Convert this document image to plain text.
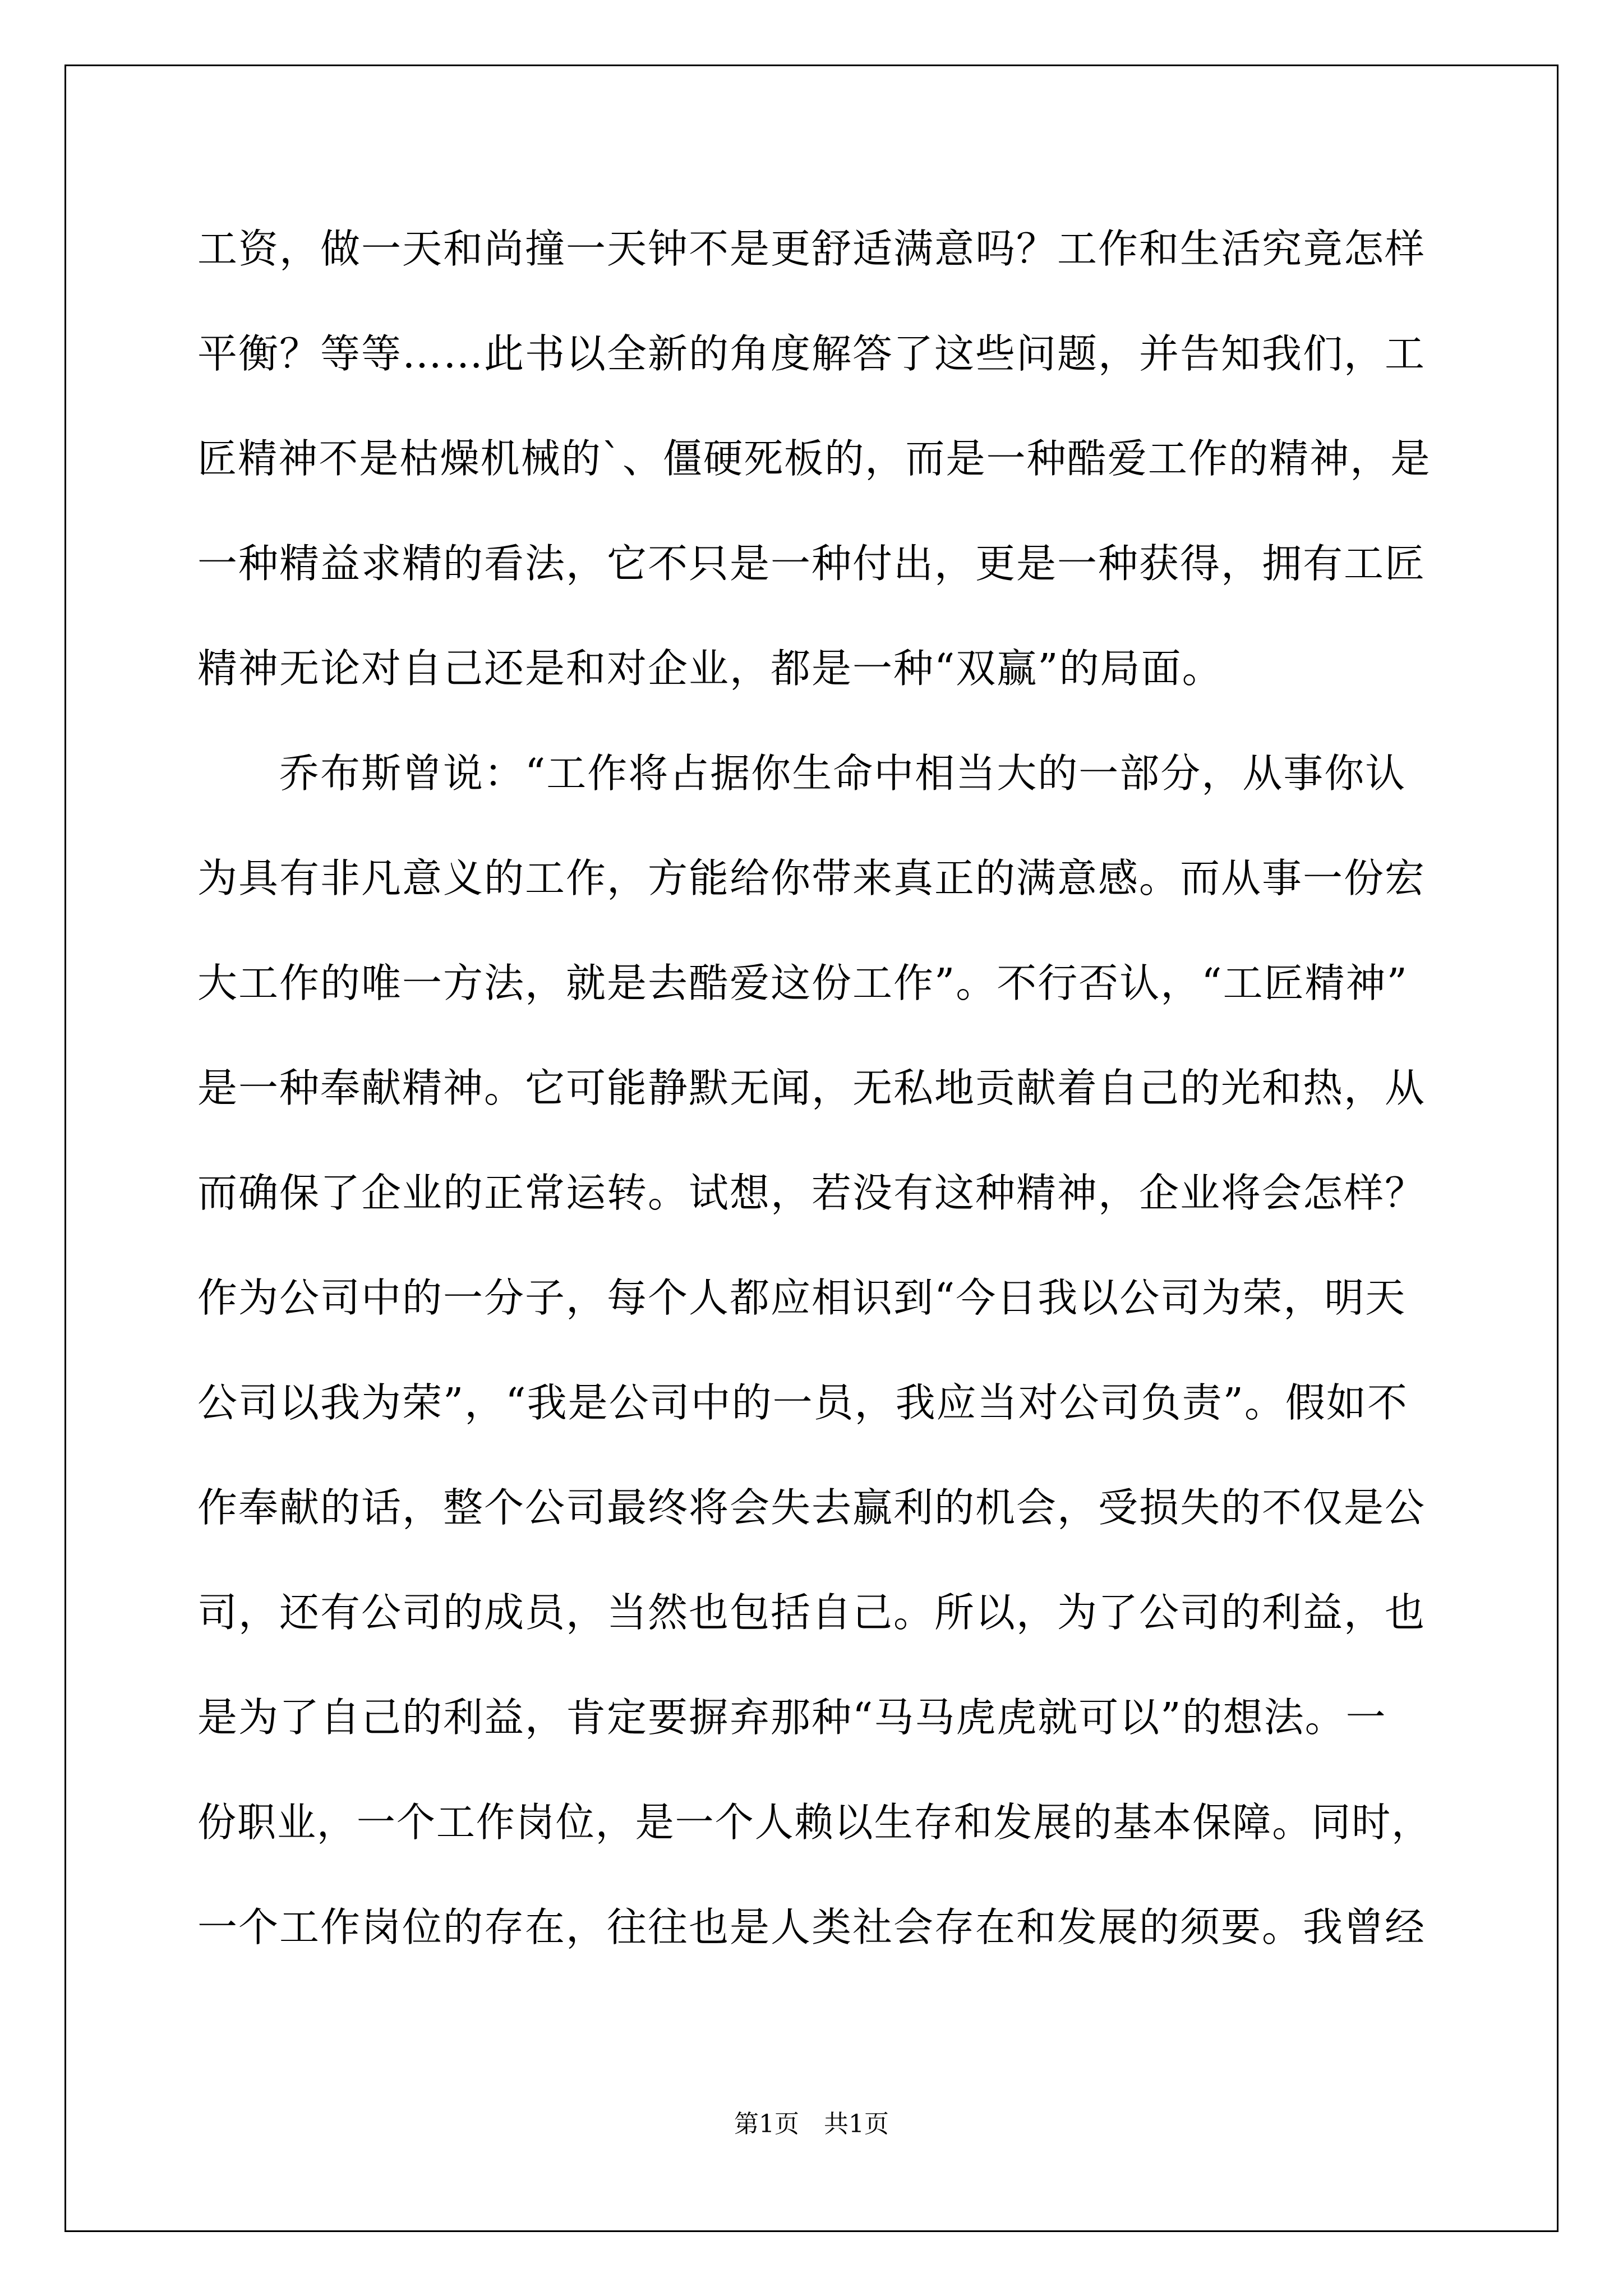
工资，做一天和尚撞一天钟不是更舒适满意吗？工作和生活究竟怎样
平衡？等等……此书以全新的角度解答了这些问题，并告知我们，工
匠精神不是枯燥机械的`、僵硬死板的，而是一种酷爱工作的精神，是
一种精益求精的看法，它不只是一种付出，更是一种获得，拥有工匠
精神无论对自己还是和对企业，都是一种“双赢”的局面。
　　乔布斯曾说：“工作将占据你生命中相当大的一部分，从事你认
为具有非凡意义的工作，方能给你带来真正的满意感。而从事一份宏
大工作的唯一方法，就是去酷爱这份工作”。不行否认，“工匠精神”
是一种奉献精神。它可能静默无闻，无私地贡献着自己的光和热，从
而确保了企业的正常运转。试想，若没有这种精神，企业将会怎样？
作为公司中的一分子，每个人都应相识到“今日我以公司为荣，明天
公司以我为荣”，“我是公司中的一员，我应当对公司负责”。假如不
作奉献的话，整个公司最终将会失去赢利的机会，受损失的不仅是公
司，还有公司的成员，当然也包括自己。所以，为了公司的利益，也
是为了自己的利益，肯定要摒弃那种“马马虎虎就可以”的想法。一
份职业，一个工作岗位，是一个人赖以生存和发展的基本保障。同时，
一个工作岗位的存在，往往也是人类社会存在和发展的须要。我曾经
第1页　共1页
